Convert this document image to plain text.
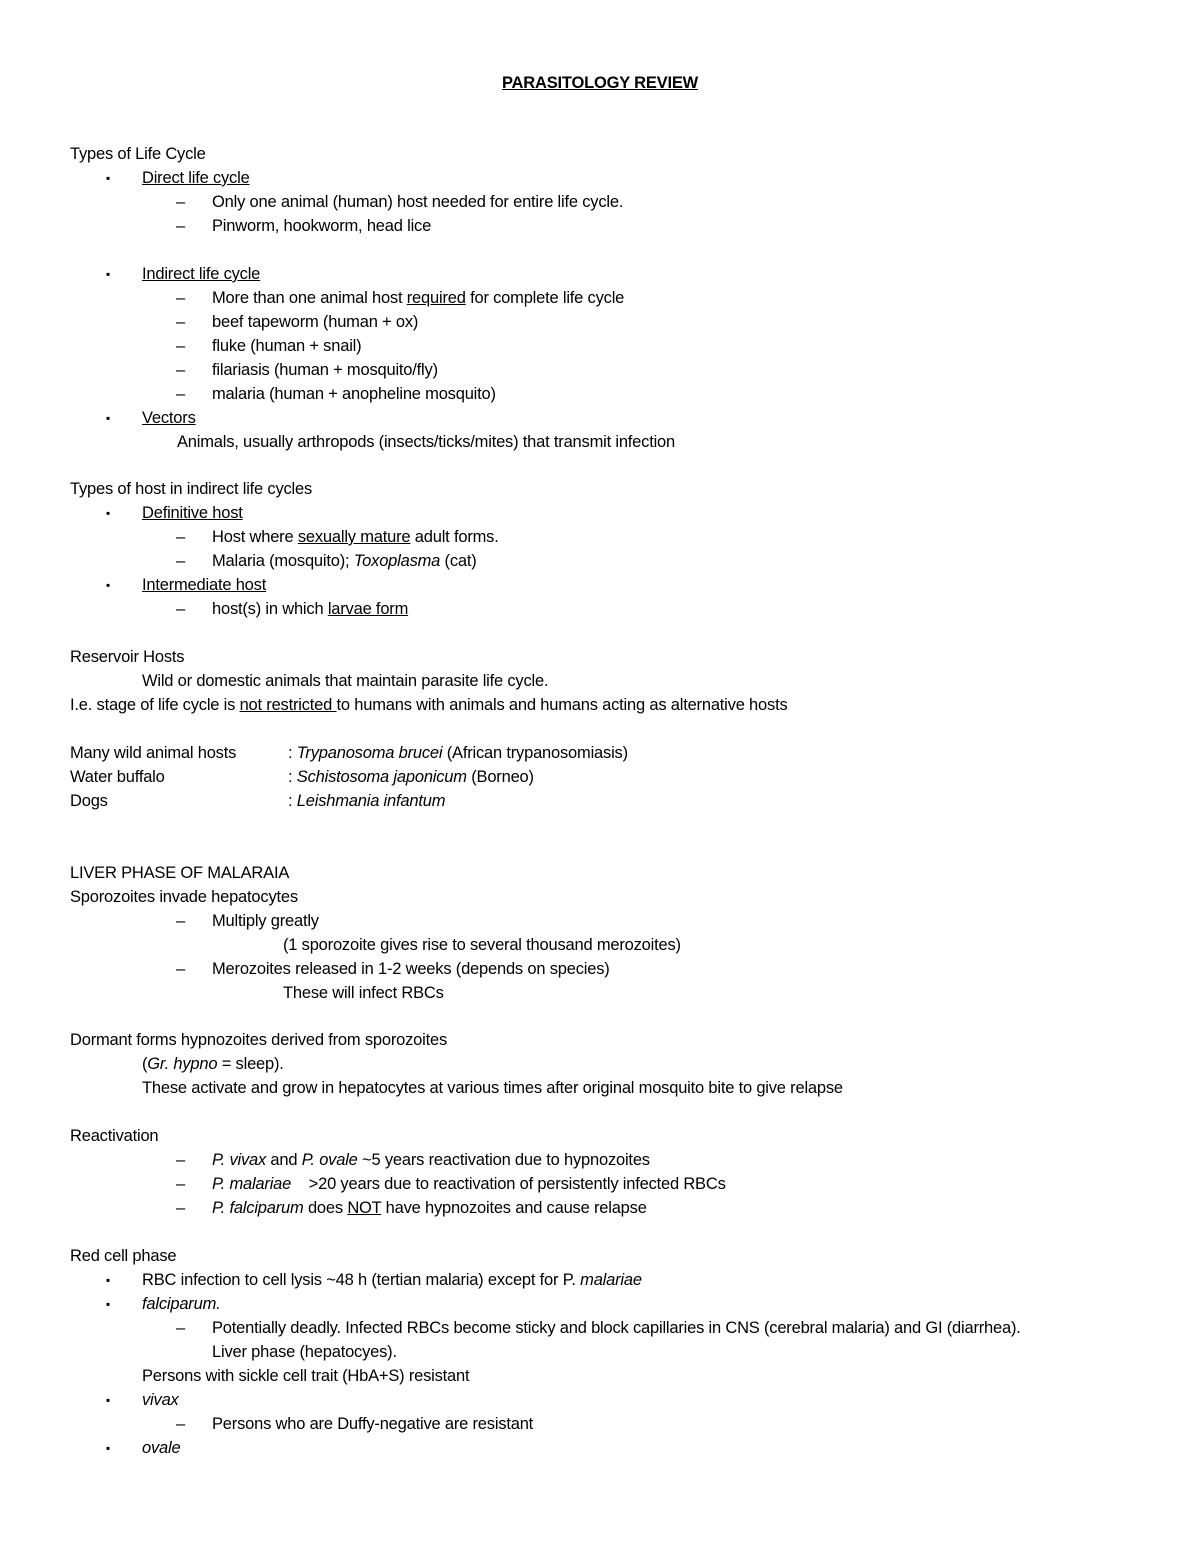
PARASITOLOGY REVIEW
Types of Life Cycle
▪ Direct life cycle
– Only one animal (human) host needed for entire life cycle.
– Pinworm, hookworm, head lice
▪ Indirect life cycle
– More than one animal host required for complete life cycle
– beef tapeworm (human + ox)
– fluke (human + snail)
– filariasis (human + mosquito/fly)
– malaria (human + anopheline mosquito)
▪ Vectors
Animals, usually arthropods (insects/ticks/mites) that transmit infection
Types of host in indirect life cycles
▪ Definitive host
– Host where sexually mature adult forms.
– Malaria (mosquito); Toxoplasma (cat)
▪ Intermediate host
– host(s) in which larvae form
Reservoir Hosts
Wild or domestic animals that maintain parasite life cycle.
I.e. stage of life cycle is not restricted to humans with animals and humans acting as alternative hosts
Many wild animal hosts	: Trypanosoma brucei (African trypanosomiasis)
Water buffalo	: Schistosoma japonicum (Borneo)
Dogs	: Leishmania infantum
LIVER PHASE OF MALARAIA
Sporozoites invade hepatocytes
– Multiply greatly
(1 sporozoite gives rise to several thousand merozoites)
– Merozoites released in 1-2 weeks (depends on species)
These will infect RBCs
Dormant forms hypnozoites derived from sporozoites
(Gr. hypno = sleep).
These activate and grow in hepatocytes at various times after original mosquito bite to give relapse
Reactivation
– P. vivax and P. ovale ~5 years reactivation due to hypnozoites
– P. malariae    >20 years due to reactivation of persistently infected RBCs
– P. falciparum does NOT have hypnozoites and cause relapse
Red cell phase
▪ RBC infection to cell lysis ~48 h (tertian malaria) except for P. malariae
▪ falciparum.
– Potentially deadly. Infected RBCs become sticky and block capillaries in CNS (cerebral malaria) and GI (diarrhea).
Liver phase (hepatocyes).
Persons with sickle cell trait (HbA+S) resistant
▪ vivax
– Persons who are Duffy-negative are resistant
▪ ovale
